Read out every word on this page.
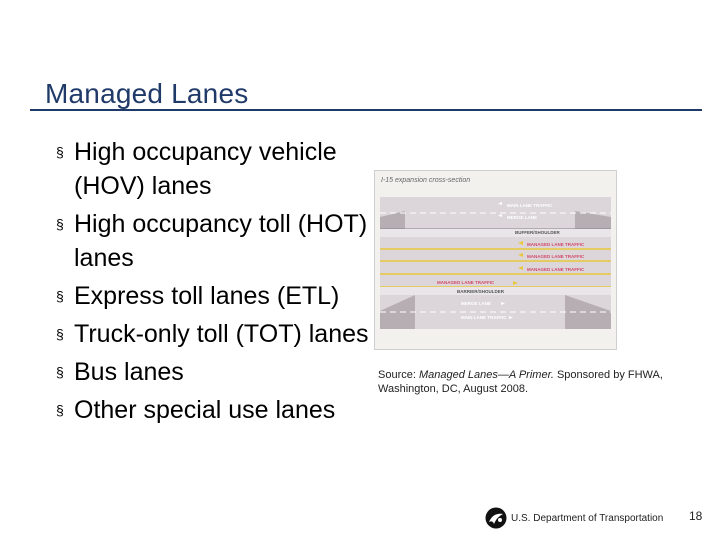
Managed Lanes
§ High occupancy vehicle (HOV) lanes
§ High occupancy toll (HOT) lanes
§ Express toll lanes (ETL)
§ Truck-only toll (TOT) lanes
§ Bus lanes
§ Other special use lanes
MAIN LANE TRAFFIC
MERGE LANE
BUFFER/SHOULDER
MANAGED LANE TRAFFIC
MANAGED LANE TRAFFIC
MANAGED LANE TRAFFIC
MANAGED LANE TRAFFIC
BARRIER/SHOULDER
MERGE LANE
MAIN LANE TRAFFIC
I-15 expansion cross-section
Source: Managed Lanes—A Primer. Sponsored by FHWA, Washington, DC, August 2008.
U.S. Department of Transportation 18
